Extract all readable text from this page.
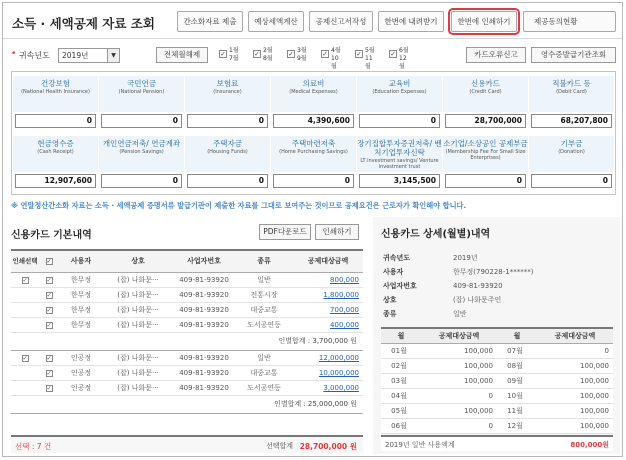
소득 · 세액공제 자료 조회	간소화자료 제출	예상세액계산	공제신고서작성	한번에 내려받기	한번에 인쇄하기	제공동의현황
• 귀속년도	2019년	▼	전체월해제	✓ 1월
7월
✓ 2월
8월
✓ 3월
9월
✓ 4월
10월
✓ 5월
11월
✓ 6월
12월
카드오류신고	영수증발급기관조회
건강보험
(National Health Insurance)
0
국민연금
(National Pension)
0
보험료
(Insurance)
0
의료비
(Medical Expenses)
4,390,600
교육비
(Education Expenses)
0
신용카드
(Credit Card)
28,700,000
직불카드 등
(Debit Card)
68,207,800
현금영수증
(Cash Receipt)
12,907,600
개인연금저축/ 연금계좌
(Pension Savings)
0
주택자금
(Housing Funds)
0
주택마련저축
(Home Purchasing Savings)
0
장기집합투자증권저축/ 벤처기업투자신탁
LT investment savings/ Venture investment trust
3,145,500
소기업/소상공인 공제부금
(Membership Fee For Small Size Enterprises)
0
기부금
(Donation)
0
※ 연말정산간소화 자료는 소득 · 세액공제 증명서류 발급기관이 제출한 자료를 그대로 보여주는 것이므로 공제요건은 근로자가 확인해야 합니다.
신용카드 기본내역	PDF다운로드	인쇄하기
인쇄선택	✓	사용자	상호	사업자번호	종류	공제대상금액
✓	✓	한무정	(잡) 나화문···	409-81-93920	일반	800,000
	✓	한무정	(잡) 나화문···	409-81-93920	전통시장	1,800,000
	✓	한무정	(잡) 나화문···	409-81-93920	대중교통	700,000
	✓	한무정	(잡) 나화문···	409-81-93920	도서공연등	400,000
인별합계 : 3,700,000 원						
✓	✓	인공정	(잡) 나화문···	409-81-93920	일반	12,000,000
	✓	인공정	(잡) 나화문···	409-81-93920	대중교통	10,000,000
	✓	인공정	(잡) 나화문···	409-81-93920	도서공연등	3,000,000
인별합계 : 25,000,000 원						
선택 : 7 건	선택합계 28,700,000 원
신용카드 상세(월별)내역
귀속년도	2019년
사용자	한무정(790228-1******)
사업자번호	409-81-93920
상호	(잡) 나화문주인
종류	일반
월	공제대상금액	월	공제대상금액
01월	100,000	07월	0
02월	100,000	08월	100,000
03월	100,000	09월	100,000
04월	0	10월	100,000
05월	100,000	11월	100,000
06월	0	12월	100,000
2019년 일반 사용액계	800,000원
